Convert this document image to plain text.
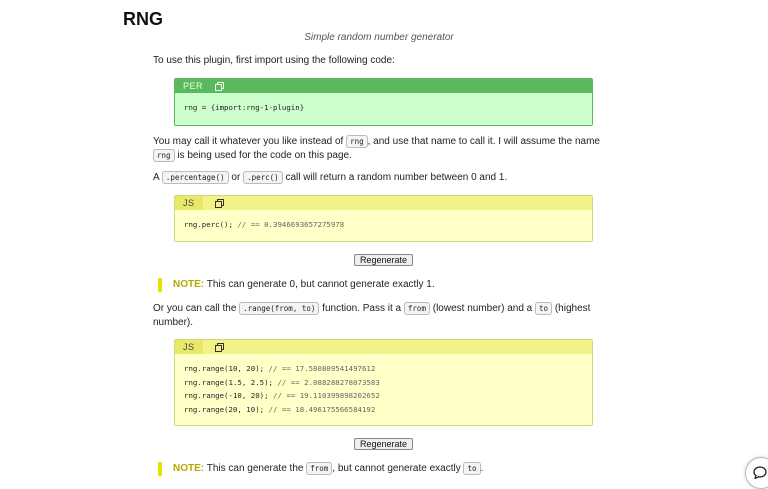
RNG
Simple random number generator

To use this plugin, first import using the following code:

PER
rng = {import:rng-1-plugin}

You may call it whatever you like instead of rng , and use that name to call it. I will assume the name rng is being used for the code on this page.

A .percentage() or .perc() call will return a random number between 0 and 1.

JS
rng.perc(); // == 0.3946693657275978
Regenerate
NOTE: This can generate 0, but cannot generate exactly 1.

Or you can call the .range(from, to) function. Pass it a from (lowest number) and a to (highest number).

JS
rng.range(10, 20); // == 17.580809541497612
rng.range(1.5, 2.5); // == 2.088288278073583
rng.range(-10, 20); // == 19.110399898202652
rng.range(20, 10); // == 18.496175566584192
Regenerate
NOTE: This can generate the from , but cannot generate exactly to .
